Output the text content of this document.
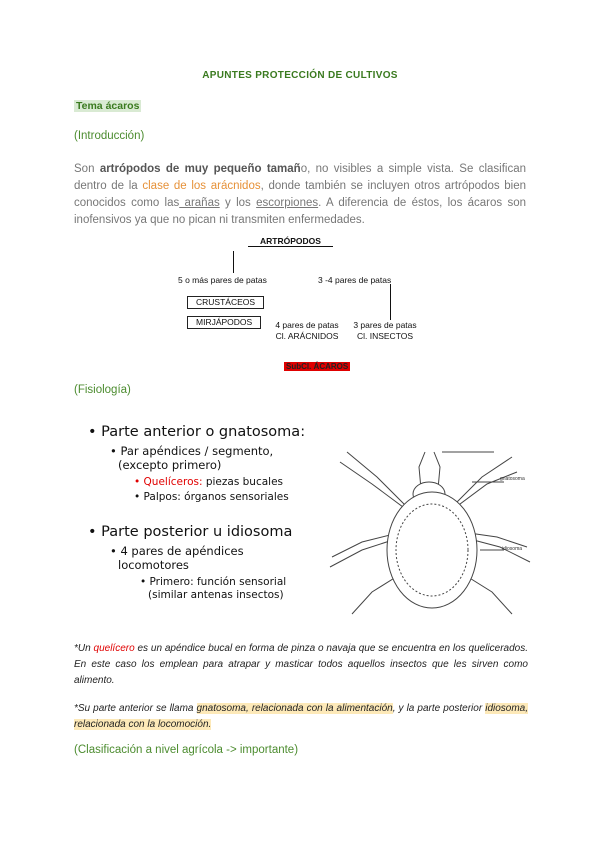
APUNTES PROTECCIÓN DE CULTIVOS
Tema ácaros
(Introducción)
Son artrópodos de muy pequeño tamaño, no visibles a simple vista. Se clasifican dentro de la clase de los arácnidos, donde también se incluyen otros artrópodos bien conocidos como las arañas y los escorpiones. A diferencia de éstos, los ácaros son inofensivos ya que no pican ni transmiten enfermedades.
ARTRÓPODOS
5 o más pares de patas	3 -4 pares de patas
CRUSTÁCEOS
MIRJÁPODOS	4 pares de patas
Cl. ARÁCNIDOS
3 pares de patas
Cl. INSECTOS
SubCl. ÁCAROS
(Fisiología)
• Parte anterior o gnatosoma:
• Par apéndices / segmento,
(excepto primero)
• Quelíceros: piezas bucales
• Palpos: órganos sensoriales
• Parte posterior u idiosoma
• 4 pares de apéndices
locomotores
• Primero: función sensorial
(similar antenas insectos)
gnatosoma
idiosoma
*Un quelícero es un apéndice bucal en forma de pinza o navaja que se encuentra en los quelicerados. En este caso los emplean para atrapar y masticar todos aquellos insectos que les sirven como alimento.
*Su parte anterior se llama gnatosoma, relacionada con la alimentación, y la parte posterior idiosoma, relacionada con la locomoción.
(Clasificación a nivel agrícola -> importante)
